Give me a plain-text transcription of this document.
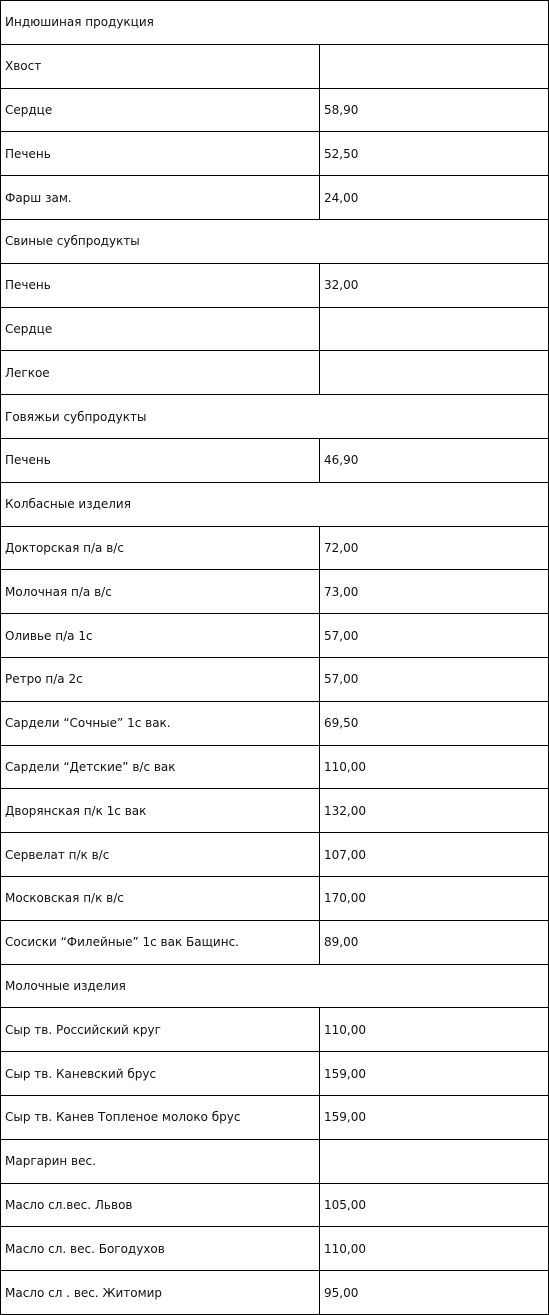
Индюшиная продукция	
Хвост	
Сердце	58,90
Печень	52,50
Фарш зам.	24,00
Свиные субпродукты	
Печень	32,00
Сердце	
Легкое	
Говяжьи субпродукты	
Печень	46,90
Колбасные изделия	
Докторская п/а в/с	72,00
Молочная п/а в/с	73,00
Оливье п/а 1с	57,00
Ретро п/а 2с	57,00
Сардели “Сочные” 1с вак.	69,50
Сардели “Детские” в/с вак	110,00
Дворянская п/к 1с вак	132,00
Сервелат п/к в/с	107,00
Московская п/к в/с	170,00
Сосиски “Филейные” 1с вак Бащинс.	89,00
Молочные изделия	
Сыр тв. Российский круг	110,00
Сыр тв. Каневский брус	159,00
Сыр тв. Канев Топленое молоко брус	159,00
Маргарин вес.	
Масло сл.вес. Львов	105,00
Масло сл. вес. Богодухов	110,00
Масло сл . вес. Житомир	95,00
